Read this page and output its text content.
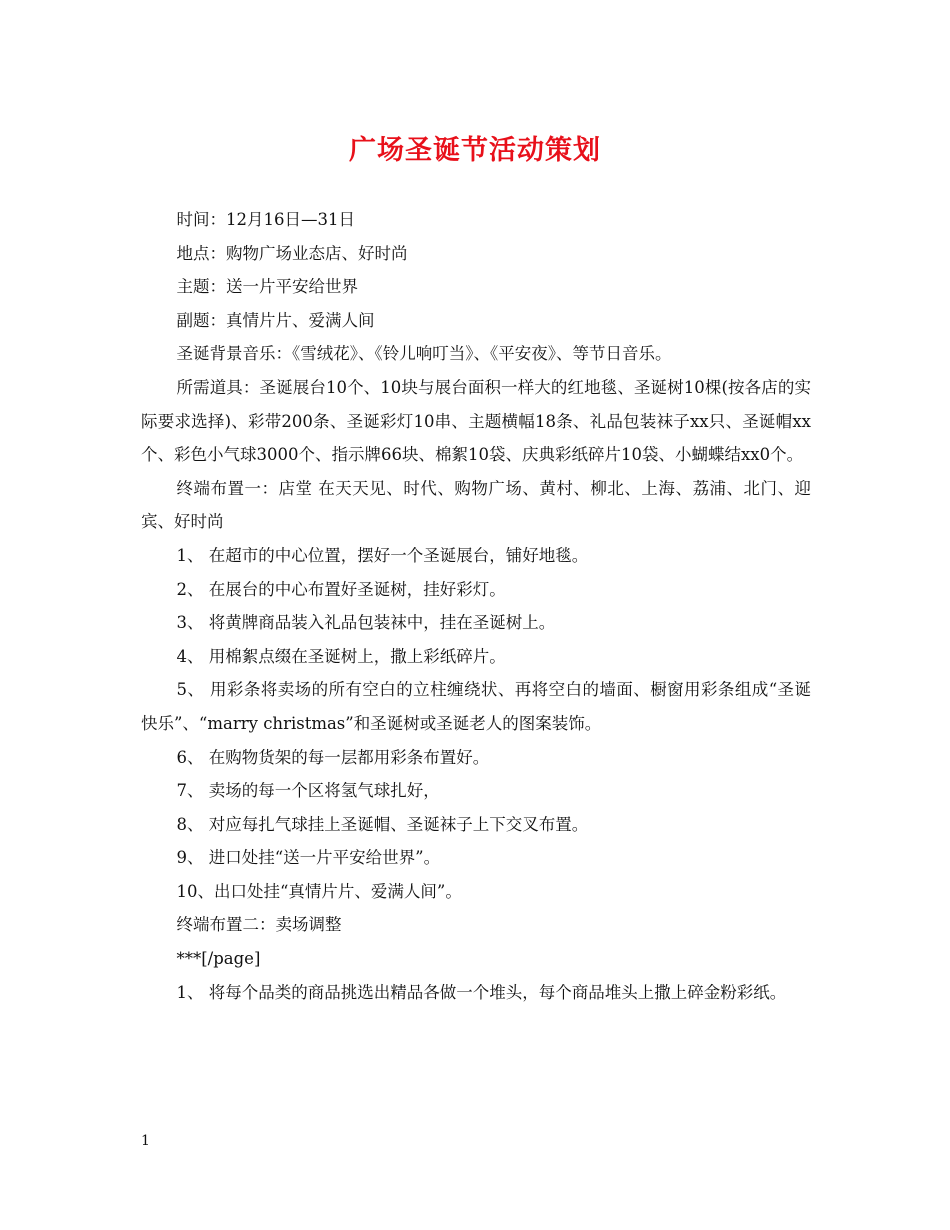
广场圣诞节活动策划

时间：12月16日—31日

地点：购物广场业态店、好时尚

主题：送一片平安给世界

副题：真情片片、爱满人间

圣诞背景音乐：《雪绒花》、《铃儿响叮当》、《平安夜》、等节日音乐。

所需道具：圣诞展台10个、10块与展台面积一样大的红地毯、圣诞树10棵(按各店的实际要求选择)、彩带200条、圣诞彩灯10串、主题横幅18条、礼品包装袜子xx只、圣诞帽xx个、彩色小气球3000个、指示牌66块、棉絮10袋、庆典彩纸碎片10袋、小蝴蝶结xx0个。

终端布置一：店堂 在天天见、时代、购物广场、黄村、柳北、上海、荔浦、北门、迎宾、好时尚

1、 在超市的中心位置，摆好一个圣诞展台，铺好地毯。

2、 在展台的中心布置好圣诞树，挂好彩灯。

3、 将黄牌商品装入礼品包装袜中，挂在圣诞树上。

4、 用棉絮点缀在圣诞树上，撒上彩纸碎片。

5、 用彩条将卖场的所有空白的立柱缠绕状、再将空白的墙面、橱窗用彩条组成“圣诞快乐”、“marry christmas”和圣诞树或圣诞老人的图案装饰。

6、 在购物货架的每一层都用彩条布置好。

7、 卖场的每一个区将氢气球扎好，

8、 对应每扎气球挂上圣诞帽、圣诞袜子上下交叉布置。

9、 进口处挂“送一片平安给世界”。

10、出口处挂“真情片片、爱满人间”。

终端布置二：卖场调整

***[/page]

1、 将每个品类的商品挑选出精品各做一个堆头，每个商品堆头上撒上碎金粉彩纸。

1
